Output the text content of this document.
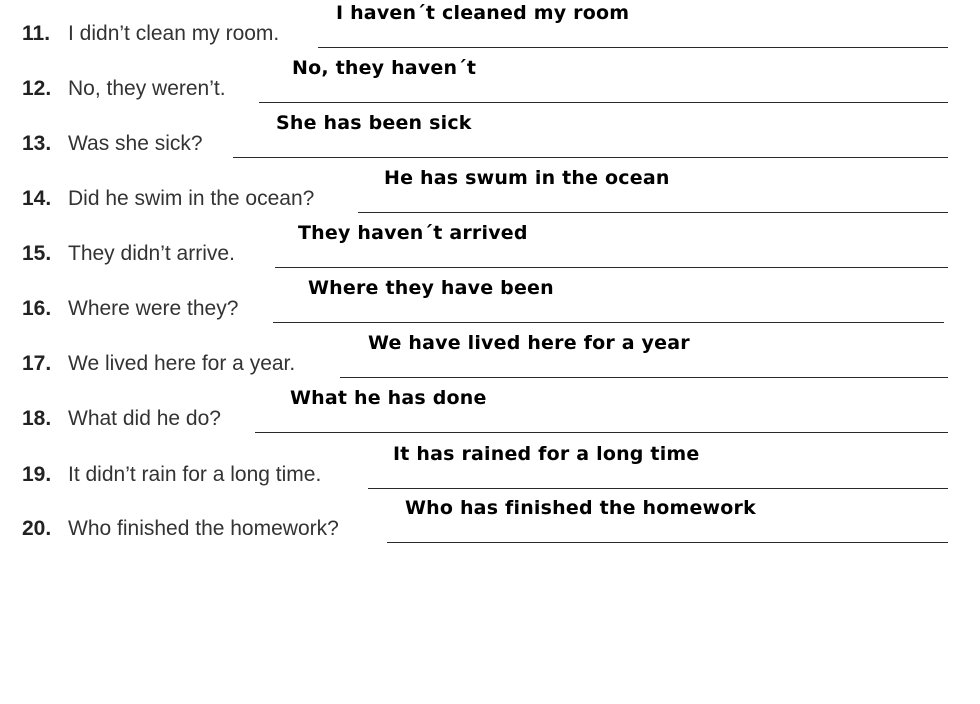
11. I didn’t clean my room.
I haven´t cleaned my room
12. No, they weren’t.
No, they haven´t
13. Was she sick?
She has been sick
14. Did he swim in the ocean?
He has swum in the ocean
15. They didn’t arrive.
They haven´t arrived
16. Where were they?
Where they have been
17. We lived here for a year.
We have lived here for a year
18. What did he do?
What he has done
19. It didn’t rain for a long time.
It has rained for a long time
20. Who finished the homework?
Who has finished the homework
